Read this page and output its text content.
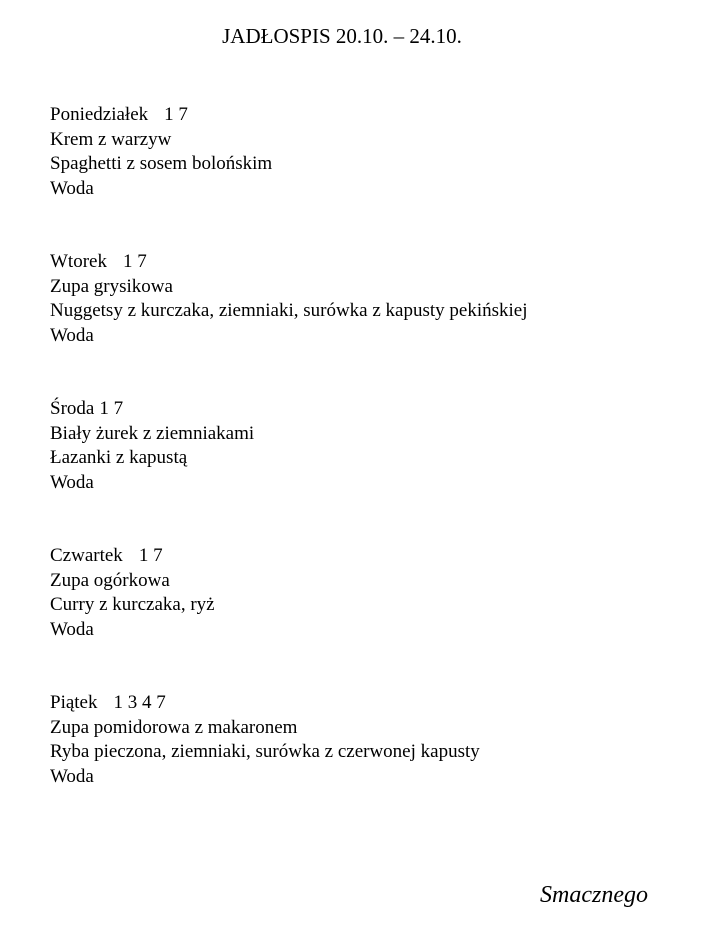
JADŁOSPIS 20.10. – 24.10.
Poniedziałek 1 7
Krem z warzyw
Spaghetti z sosem bolońskim
Woda
Wtorek 1 7
Zupa grysikowa
Nuggetsy z kurczaka, ziemniaki, surówka z kapusty pekińskiej
Woda
Środa 1 7
Biały żurek z ziemniakami
Łazanki z kapustą
Woda
Czwartek 1 7
Zupa ogórkowa
Curry z kurczaka, ryż
Woda
Piątek 1 3 4 7
Zupa pomidorowa z makaronem
Ryba pieczona, ziemniaki, surówka z czerwonej kapusty
Woda
Smacznego
